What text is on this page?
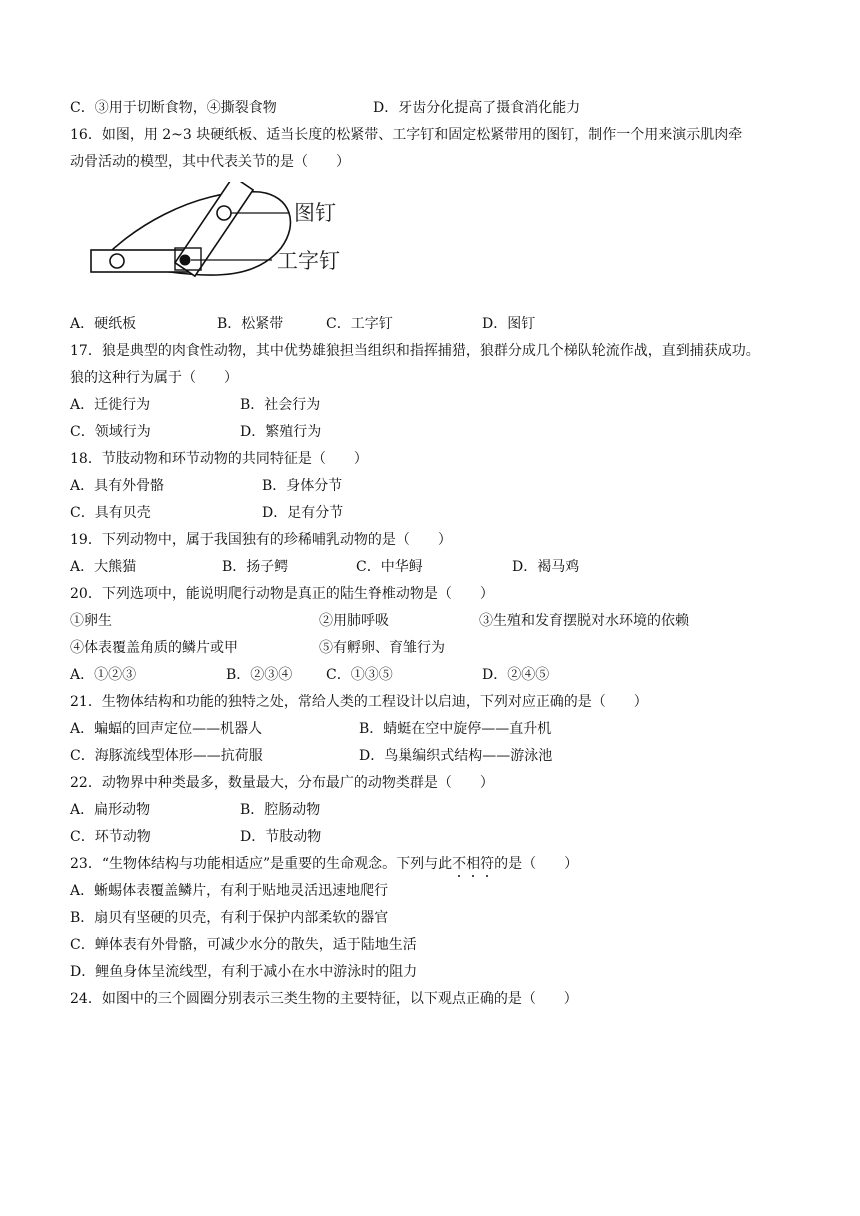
C．③用于切断食物，④撕裂食物	D．牙齿分化提高了摄食消化能力
16．如图，用 2~3 块硬纸板、适当长度的松紧带、工字钉和固定松紧带用的图钉，制作一个用来演示肌肉牵
动骨活动的模型，其中代表关节的是（　　）
图钉
工字钉
A．硬纸板	B．松紧带	C．工字钉	D．图钉
17．狼是典型的肉食性动物，其中优势雄狼担当组织和指挥捕猎，狼群分成几个梯队轮流作战，直到捕获成功。
狼的这种行为属于（　　）
A．迁徙行为	B．社会行为
C．领域行为	D．繁殖行为
18．节肢动物和环节动物的共同特征是（　　）
A．具有外骨骼	B．身体分节
C．具有贝壳	D．足有分节
19．下列动物中，属于我国独有的珍稀哺乳动物的是（　　）
A．大熊猫	B．扬子鳄	C．中华鲟	D．褐马鸡
20．下列选项中，能说明爬行动物是真正的陆生脊椎动物是（　　）
①卵生	②用肺呼吸	③生殖和发育摆脱对水环境的依赖
④体表覆盖角质的鳞片或甲	⑤有孵卵、育雏行为
A．①②③	B．②③④ C．①③⑤	D．②④⑤
21．生物体结构和功能的独特之处，常给人类的工程设计以启迪，下列对应正确的是（　　）
A．蝙蝠的回声定位——机器人	B．蜻蜓在空中旋停——直升机
C．海豚流线型体形——抗荷服	D．鸟巢编织式结构——游泳池
22．动物界中种类最多，数量最大，分布最广的动物类群是（　　）
A．扁形动物	B．腔肠动物
C．环节动物	D．节肢动物
23．“生物体结构与功能相适应”是重要的生命观念。下列与此不相符的是（　　）
A．蜥蜴体表覆盖鳞片，有利于贴地灵活迅速地爬行
B．扇贝有坚硬的贝壳，有利于保护内部柔软的器官
C．蝉体表有外骨骼，可减少水分的散失，适于陆地生活
D．鲤鱼身体呈流线型，有利于减小在水中游泳时的阻力
24．如图中的三个圆圈分别表示三类生物的主要特征，以下观点正确的是（　　）
